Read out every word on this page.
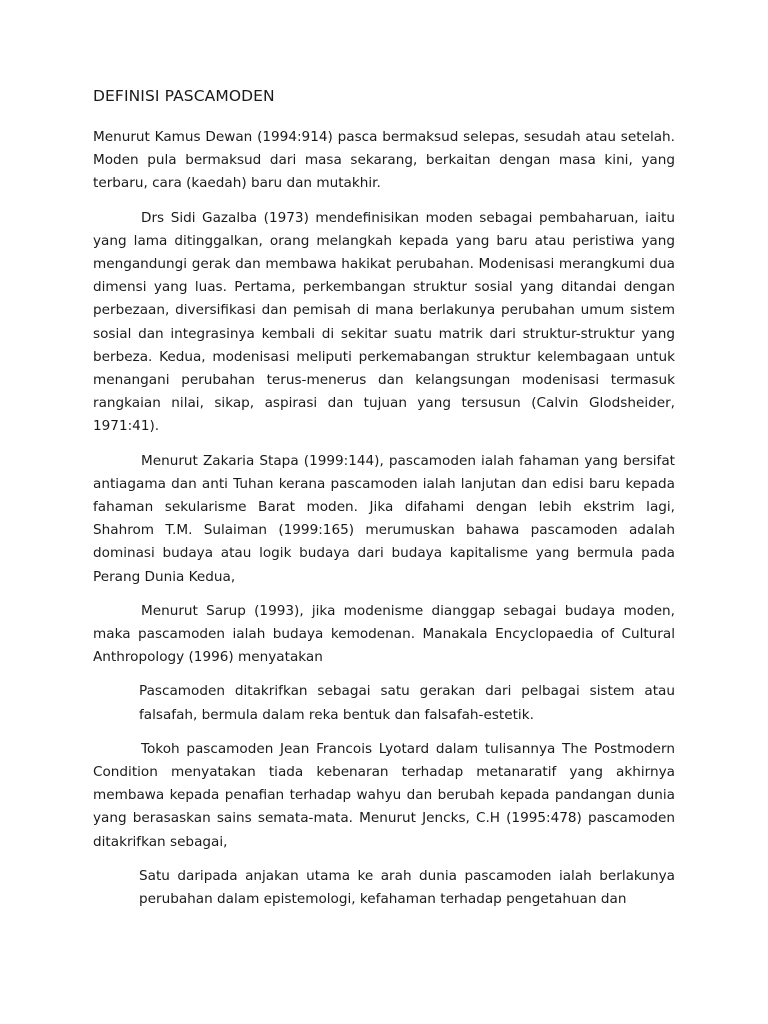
DEFINISI PASCAMODEN

Menurut Kamus Dewan (1994:914) pasca bermaksud selepas, sesudah atau setelah. Moden pula bermaksud dari masa sekarang, berkaitan dengan masa kini, yang terbaru, cara (kaedah) baru dan mutakhir.

Drs Sidi Gazalba (1973) mendefinisikan moden sebagai pembaharuan, iaitu yang lama ditinggalkan, orang melangkah kepada yang baru atau peristiwa yang mengandungi gerak dan membawa hakikat perubahan. Modenisasi merangkumi dua dimensi yang luas. Pertama, perkembangan struktur sosial yang ditandai dengan perbezaan, diversifikasi dan pemisah di mana berlakunya perubahan umum sistem sosial dan integrasinya kembali di sekitar suatu matrik dari struktur-struktur yang berbeza. Kedua, modenisasi meliputi perkemabangan struktur kelembagaan untuk menangani perubahan terus-menerus dan kelangsungan modenisasi termasuk rangkaian nilai, sikap, aspirasi dan tujuan yang tersusun (Calvin Glodsheider, 1971:41).

Menurut Zakaria Stapa (1999:144), pascamoden ialah fahaman yang bersifat antiagama dan anti Tuhan kerana pascamoden ialah lanjutan dan edisi baru kepada fahaman sekularisme Barat moden. Jika difahami dengan lebih ekstrim lagi, Shahrom T.M. Sulaiman (1999:165) merumuskan bahawa pascamoden adalah dominasi budaya atau logik budaya dari budaya kapitalisme yang bermula pada Perang Dunia Kedua,

Menurut Sarup (1993), jika modenisme dianggap sebagai budaya moden, maka pascamoden ialah budaya kemodenan. Manakala Encyclopaedia of Cultural Anthropology (1996) menyatakan

Pascamoden ditakrifkan sebagai satu gerakan dari pelbagai sistem atau falsafah, bermula dalam reka bentuk dan falsafah-estetik.

Tokoh pascamoden Jean Francois Lyotard dalam tulisannya The Postmodern Condition menyatakan tiada kebenaran terhadap metanaratif yang akhirnya membawa kepada penafian terhadap wahyu dan berubah kepada pandangan dunia yang berasaskan sains semata-mata. Menurut Jencks, C.H (1995:478) pascamoden ditakrifkan sebagai,

Satu daripada anjakan utama ke arah dunia pascamoden ialah berlakunya perubahan dalam epistemologi, kefahaman terhadap pengetahuan dan
